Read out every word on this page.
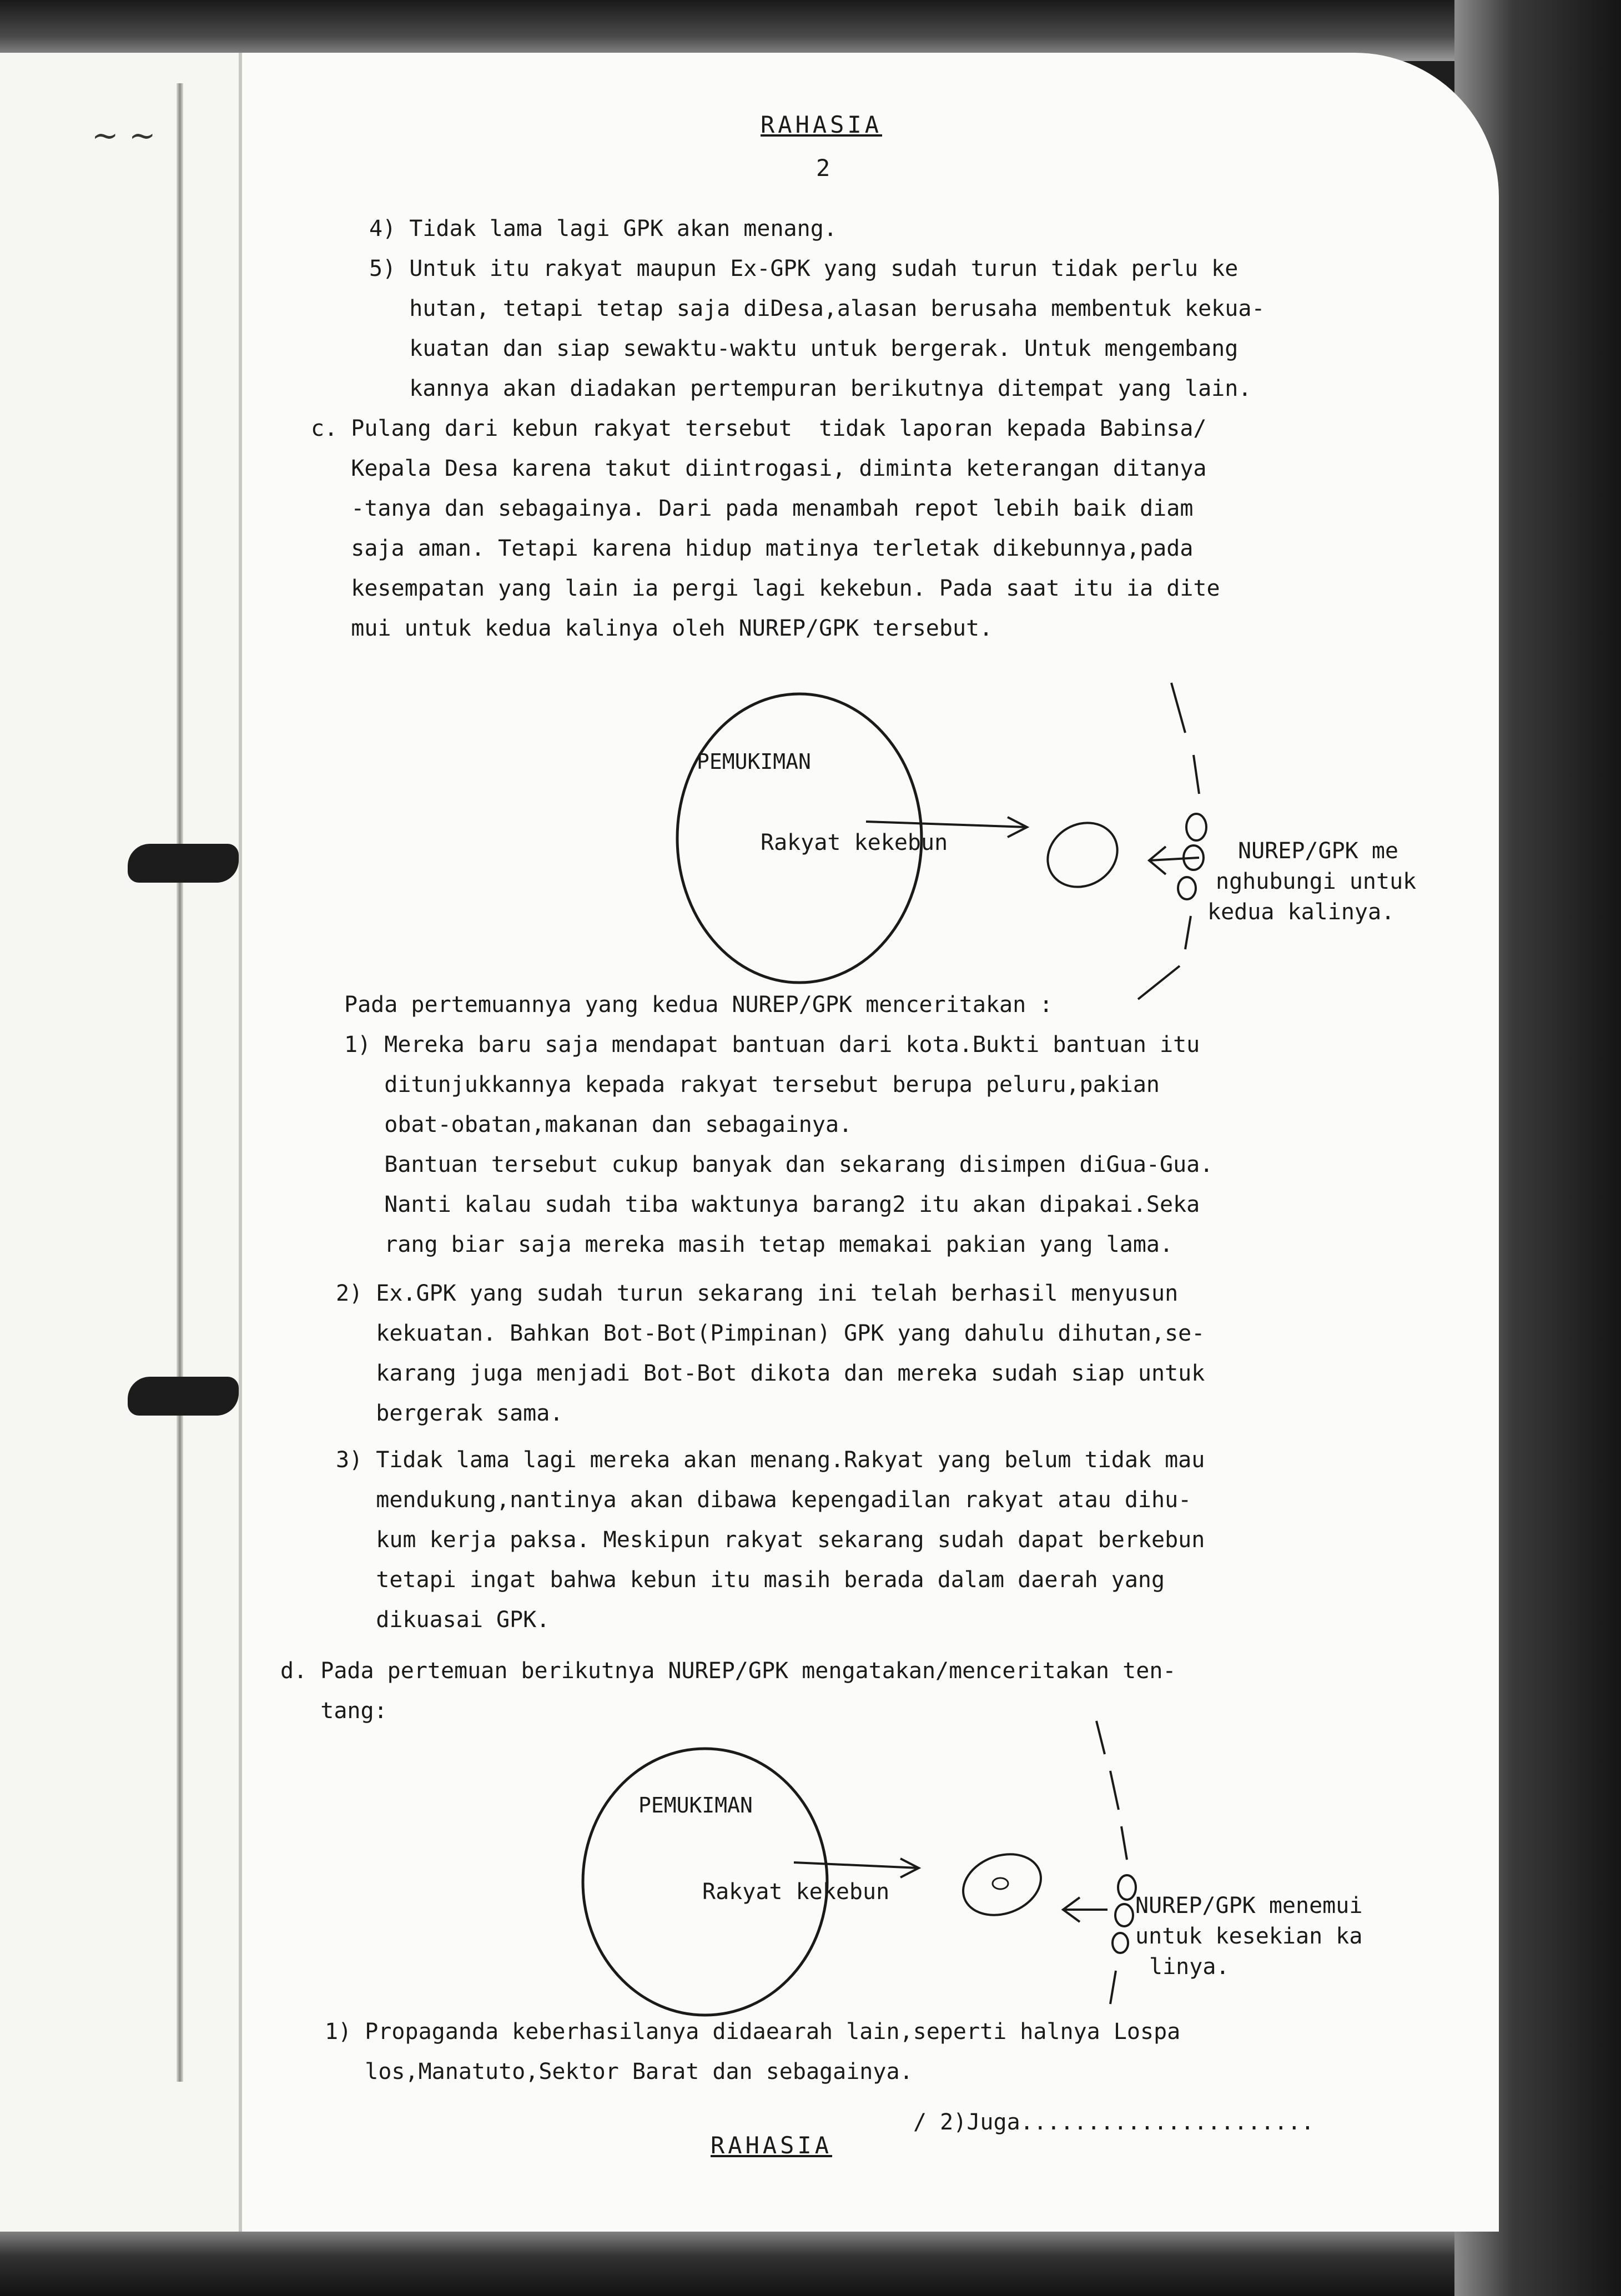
~ ~	RAHASIA
2
4) Tidak lama lagi GPK akan menang.
5) Untuk itu rakyat maupun Ex-GPK yang sudah turun tidak perlu ke
hutan, tetapi tetap saja diDesa,alasan berusaha membentuk kekua-
kuatan dan siap sewaktu-waktu untuk bergerak. Untuk mengembang
kannya akan diadakan pertempuran berikutnya ditempat yang lain.
c. Pulang dari kebun rakyat tersebut  tidak laporan kepada Babinsa/
Kepala Desa karena takut diintrogasi, diminta keterangan ditanya
-tanya dan sebagainya. Dari pada menambah repot lebih baik diam
saja aman. Tetapi karena hidup matinya terletak dikebunnya,pada
kesempatan yang lain ia pergi lagi kekebun. Pada saat itu ia dite
mui untuk kedua kalinya oleh NUREP/GPK tersebut.
PEMUKIMAN
Rakyat kekebun	NUREP/GPK me
nghubungi untuk
kedua kalinya.
Pada pertemuannya yang kedua NUREP/GPK menceritakan :
1) Mereka baru saja mendapat bantuan dari kota.Bukti bantuan itu
ditunjukkannya kepada rakyat tersebut berupa peluru,pakian
obat-obatan,makanan dan sebagainya.
Bantuan tersebut cukup banyak dan sekarang disimpen diGua-Gua.
Nanti kalau sudah tiba waktunya barang2 itu akan dipakai.Seka
rang biar saja mereka masih tetap memakai pakian yang lama.
2) Ex.GPK yang sudah turun sekarang ini telah berhasil menyusun
kekuatan. Bahkan Bot-Bot(Pimpinan) GPK yang dahulu dihutan,se-
karang juga menjadi Bot-Bot dikota dan mereka sudah siap untuk
bergerak sama.
3) Tidak lama lagi mereka akan menang.Rakyat yang belum tidak mau
mendukung,nantinya akan dibawa kepengadilan rakyat atau dihu-
kum kerja paksa. Meskipun rakyat sekarang sudah dapat berkebun
tetapi ingat bahwa kebun itu masih berada dalam daerah yang
dikuasai GPK.
d. Pada pertemuan berikutnya NUREP/GPK mengatakan/menceritakan ten-
tang:
PEMUKIMAN
Rakyat kekebun
NUREP/GPK menemui
untuk kesekian ka
linya.
1) Propaganda keberhasilanya didaearah lain,seperti halnya Lospa
los,Manatuto,Sektor Barat dan sebagainya.
/ 2)Juga......................
RAHASIA
